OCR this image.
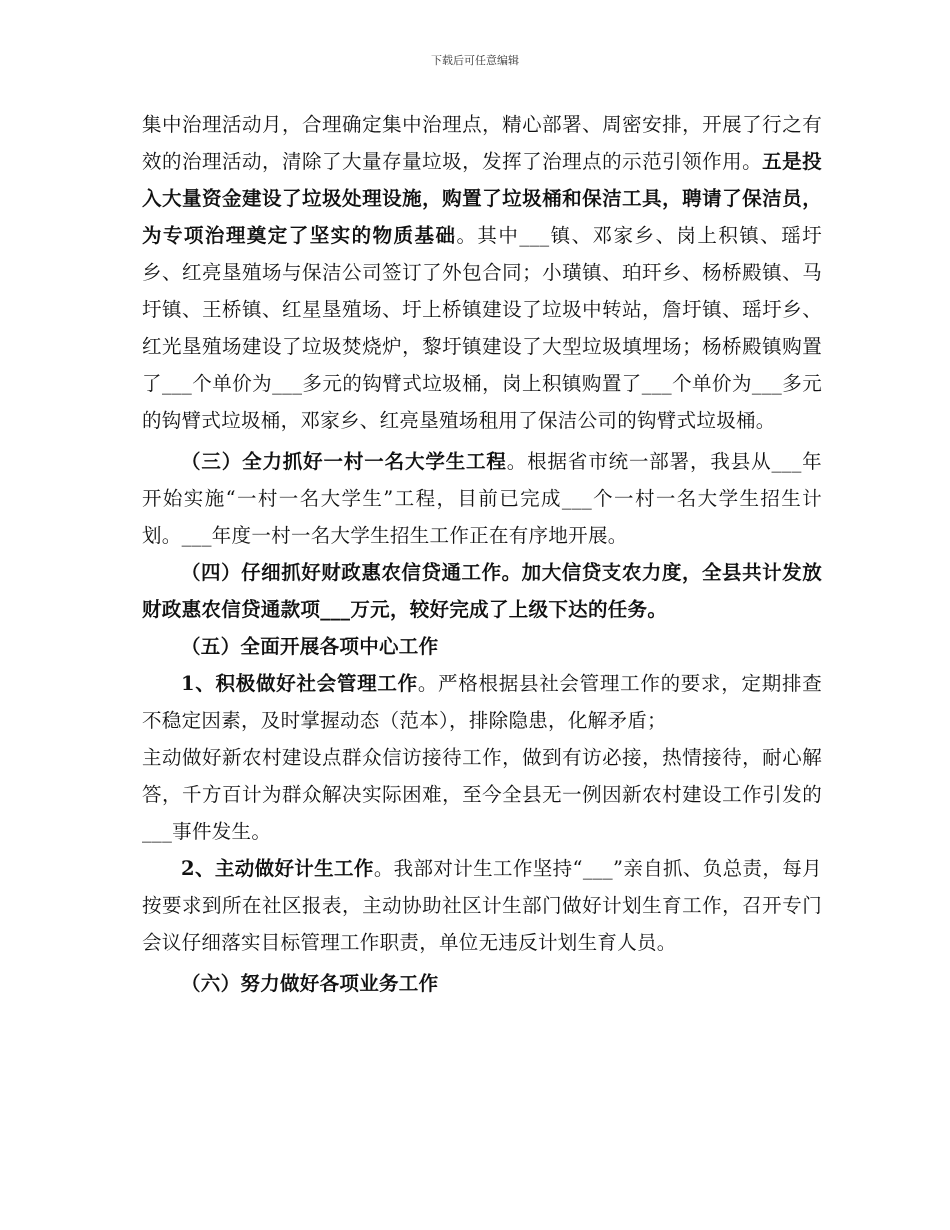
下载后可任意编辑

集中治理活动月，合理确定集中治理点，精心部署、周密安排，开展了行之有效的治理活动，清除了大量存量垃圾，发挥了治理点的示范引领作用。五是投入大量资金建设了垃圾处理设施，购置了垃圾桶和保洁工具，聘请了保洁员，为专项治理奠定了坚实的物质基础。其中___镇、邓家乡、岗上积镇、瑶圩乡、红亮垦殖场与保洁公司签订了外包合同；小璜镇、珀玕乡、杨桥殿镇、马圩镇、王桥镇、红星垦殖场、圩上桥镇建设了垃圾中转站，詹圩镇、瑶圩乡、红光垦殖场建设了垃圾焚烧炉，黎圩镇建设了大型垃圾填埋场；杨桥殿镇购置了___个单价为___多元的钩臂式垃圾桶，岗上积镇购置了___个单价为___多元的钩臂式垃圾桶，邓家乡、红亮垦殖场租用了保洁公司的钩臂式垃圾桶。

（三）全力抓好一村一名大学生工程。根据省市统一部署，我县从___年开始实施“一村一名大学生”工程，目前已完成___个一村一名大学生招生计划。___年度一村一名大学生招生工作正在有序地开展。

（四）仔细抓好财政惠农信贷通工作。加大信贷支农力度，全县共计发放财政惠农信贷通款项___万元，较好完成了上级下达的任务。

（五）全面开展各项中心工作

1、积极做好社会管理工作。严格根据县社会管理工作的要求，定期排查不稳定因素，及时掌握动态（范本），排除隐患，化解矛盾；

主动做好新农村建设点群众信访接待工作，做到有访必接，热情接待，耐心解答，千方百计为群众解决实际困难，至今全县无一例因新农村建设工作引发的___事件发生。

2、主动做好计生工作。我部对计生工作坚持“___”亲自抓、负总责，每月按要求到所在社区报表，主动协助社区计生部门做好计划生育工作，召开专门会议仔细落实目标管理工作职责，单位无违反计划生育人员。

（六）努力做好各项业务工作
